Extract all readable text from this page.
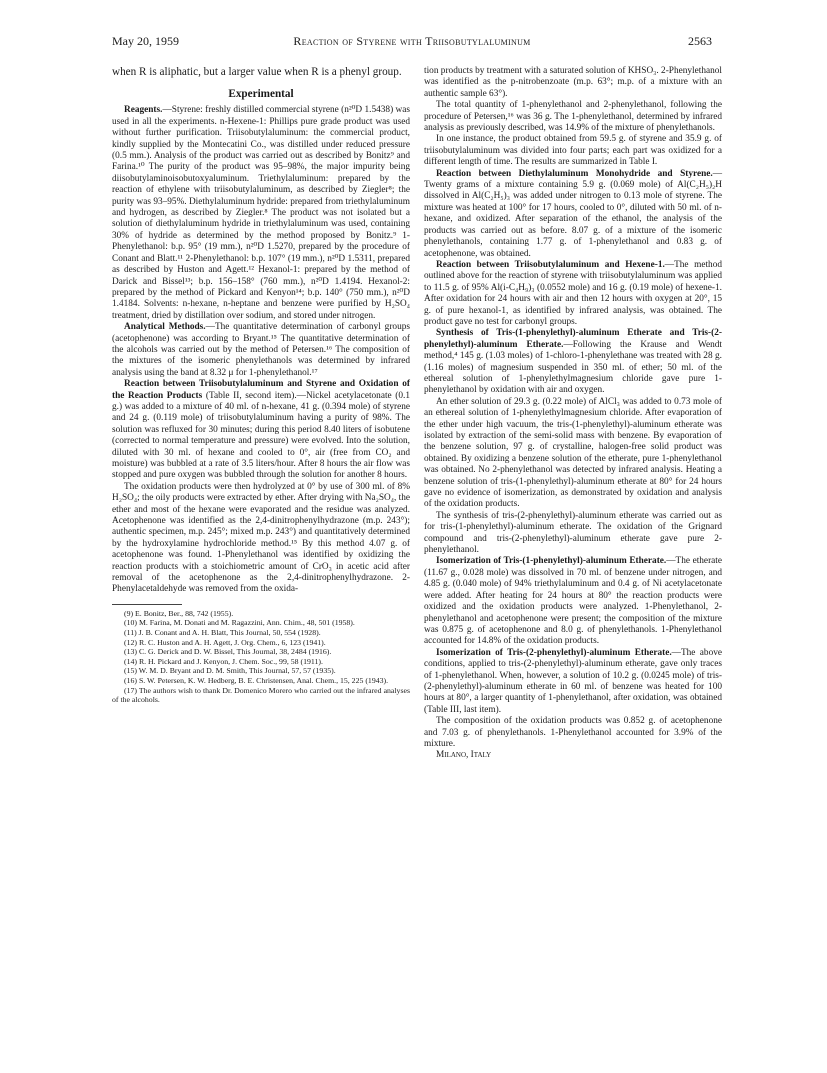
May 20, 1959	Reaction of Styrene with Triisobutylaluminum	2563

when R is aliphatic, but a larger value when R is a phenyl group.

Experimental

Reagents.—Styrene: freshly distilled commercial styrene (n²⁰D 1.5438) was used in all the experiments. n-Hexene-1: Phillips pure grade product was used without further purification. Triisobutylaluminum: the commercial product, kindly supplied by the Montecatini Co., was distilled under reduced pressure (0.5 mm.). Analysis of the product was carried out as described by Bonitz⁹ and Farina.¹⁰ The purity of the product was 95–98%, the major impurity being diisobutylaminoisobutoxyaluminum. Triethylaluminum: prepared by the reaction of ethylene with triisobutylaluminum, as described by Ziegler⁸; the purity was 93–95%. Diethylaluminum hydride: prepared from triethylaluminum and hydrogen, as described by Ziegler.⁸ The product was not isolated but a solution of diethylaluminum hydride in triethylaluminum was used, containing 30% of hydride as determined by the method proposed by Bonitz.⁹ 1-Phenylethanol: b.p. 95° (19 mm.), n²⁰D 1.5270, prepared by the procedure of Conant and Blatt.¹¹ 2-Phenylethanol: b.p. 107° (19 mm.), n²⁰D 1.5311, prepared as described by Huston and Agett.¹² Hexanol-1: prepared by the method of Darick and Bissel¹³; b.p. 156–158° (760 mm.), n²⁰D 1.4194. Hexanol-2: prepared by the method of Pickard and Kenyon¹⁴; b.p. 140° (750 mm.), n²⁰D 1.4184. Solvents: n-hexane, n-heptane and benzene were purified by H₂SO₄ treatment, dried by distillation over sodium, and stored under nitrogen.

Analytical Methods.—The quantitative determination of carbonyl groups (acetophenone) was according to Bryant.¹⁵ The quantitative determination of the alcohols was carried out by the method of Petersen.¹⁶ The composition of the mixtures of the isomeric phenylethanols was determined by infrared analysis using the band at 8.32 μ for 1-phenylethanol.¹⁷

Reaction between Triisobutylaluminum and Styrene and Oxidation of the Reaction Products (Table II, second item).—Nickel acetylacetonate (0.1 g.) was added to a mixture of 40 ml. of n-hexane, 41 g. (0.394 mole) of styrene and 24 g. (0.119 mole) of triisobutylaluminum having a purity of 98%. The solution was refluxed for 30 minutes; during this period 8.40 liters of isobutene (corrected to normal temperature and pressure) were evolved. Into the solution, diluted with 30 ml. of hexane and cooled to 0°, air (free from CO₂ and moisture) was bubbled at a rate of 3.5 liters/hour. After 8 hours the air flow was stopped and pure oxygen was bubbled through the solution for another 8 hours.

The oxidation products were then hydrolyzed at 0° by use of 300 ml. of 8% H₂SO₄; the oily products were extracted by ether. After drying with Na₂SO₄, the ether and most of the hexane were evaporated and the residue was analyzed. Acetophenone was identified as the 2,4-dinitrophenylhydrazone (m.p. 243°); authentic specimen, m.p. 245°; mixed m.p. 243°) and quantitatively determined by the hydroxylamine hydrochloride method.¹⁵ By this method 4.07 g. of acetophenone was found. 1-Phenylethanol was identified by oxidizing the reaction products with a stoichiometric amount of CrO₃ in acetic acid after removal of the acetophenone as the 2,4-dinitrophenylhydrazone. 2-Phenylacetaldehyde was removed from the oxida-

(9) E. Bonitz, Ber., 88, 742 (1955).

(10) M. Farina, M. Donati and M. Ragazzini, Ann. Chim., 48, 501 (1958).

(11) J. B. Conant and A. H. Blatt, This Journal, 50, 554 (1928).

(12) R. C. Huston and A. H. Agett, J. Org. Chem., 6, 123 (1941).

(13) C. G. Derick and D. W. Bissel, This Journal, 38, 2484 (1916).

(14) R. H. Pickard and J. Kenyon, J. Chem. Soc., 99, 58 (1911).

(15) W. M. D. Bryant and D. M. Smith, This Journal, 57, 57 (1935).

(16) S. W. Petersen, K. W. Hedberg, B. E. Christensen, Anal. Chem., 15, 225 (1943).

(17) The authors wish to thank Dr. Domenico Morero who carried out the infrared analyses of the alcohols.

tion products by treatment with a saturated solution of KHSO₃. 2-Phenylethanol was identified as the p-nitrobenzoate (m.p. 63°; m.p. of a mixture with an authentic sample 63°).

The total quantity of 1-phenylethanol and 2-phenylethanol, following the procedure of Petersen,¹⁶ was 36 g. The 1-phenylethanol, determined by infrared analysis as previously described, was 14.9% of the mixture of phenylethanols.

In one instance, the product obtained from 59.5 g. of styrene and 35.9 g. of triisobutylaluminum was divided into four parts; each part was oxidized for a different length of time. The results are summarized in Table I.

Reaction between Diethylaluminum Monohydride and Styrene.—Twenty grams of a mixture containing 5.9 g. (0.069 mole) of Al(C₂H₅)₂H dissolved in Al(C₂H₅)₃ was added under nitrogen to 0.13 mole of styrene. The mixture was heated at 100° for 17 hours, cooled to 0°, diluted with 50 ml. of n-hexane, and oxidized. After separation of the ethanol, the analysis of the products was carried out as before. 8.07 g. of a mixture of the isomeric phenylethanols, containing 1.77 g. of 1-phenylethanol and 0.83 g. of acetophenone, was obtained.

Reaction between Triisobutylaluminum and Hexene-1.—The method outlined above for the reaction of styrene with triisobutylaluminum was applied to 11.5 g. of 95% Al(i-C₄H₉)₃ (0.0552 mole) and 16 g. (0.19 mole) of hexene-1. After oxidation for 24 hours with air and then 12 hours with oxygen at 20°, 15 g. of pure hexanol-1, as identified by infrared analysis, was obtained. The product gave no test for carbonyl groups.

Synthesis of Tris-(1-phenylethyl)-aluminum Etherate and Tris-(2-phenylethyl)-aluminum Etherate.—Following the Krause and Wendt method,⁴ 145 g. (1.03 moles) of 1-chloro-1-phenylethane was treated with 28 g. (1.16 moles) of magnesium suspended in 350 ml. of ether; 50 ml. of the ethereal solution of 1-phenylethylmagnesium chloride gave pure 1-phenylethanol by oxidation with air and oxygen.

An ether solution of 29.3 g. (0.22 mole) of AlCl₃ was added to 0.73 mole of an ethereal solution of 1-phenylethylmagnesium chloride. After evaporation of the ether under high vacuum, the tris-(1-phenylethyl)-aluminum etherate was isolated by extraction of the semi-solid mass with benzene. By evaporation of the benzene solution, 97 g. of crystalline, halogen-free solid product was obtained. By oxidizing a benzene solution of the etherate, pure 1-phenylethanol was obtained. No 2-phenylethanol was detected by infrared analysis. Heating a benzene solution of tris-(1-phenylethyl)-aluminum etherate at 80° for 24 hours gave no evidence of isomerization, as demonstrated by oxidation and analysis of the oxidation products.

The synthesis of tris-(2-phenylethyl)-aluminum etherate was carried out as for tris-(1-phenylethyl)-aluminum etherate. The oxidation of the Grignard compound and tris-(2-phenylethyl)-aluminum etherate gave pure 2-phenylethanol.

Isomerization of Tris-(1-phenylethyl)-aluminum Etherate.—The etherate (11.67 g., 0.028 mole) was dissolved in 70 ml. of benzene under nitrogen, and 4.85 g. (0.040 mole) of 94% triethylaluminum and 0.4 g. of Ni acetylacetonate were added. After heating for 24 hours at 80° the reaction products were oxidized and the oxidation products were analyzed. 1-Phenylethanol, 2-phenylethanol and acetophenone were present; the composition of the mixture was 0.875 g. of acetophenone and 8.0 g. of phenylethanols. 1-Phenylethanol accounted for 14.8% of the oxidation products.

Isomerization of Tris-(2-phenylethyl)-aluminum Etherate.—The above conditions, applied to tris-(2-phenylethyl)-aluminum etherate, gave only traces of 1-phenylethanol. When, however, a solution of 10.2 g. (0.0245 mole) of tris-(2-phenylethyl)-aluminum etherate in 60 ml. of benzene was heated for 100 hours at 80°, a larger quantity of 1-phenylethanol, after oxidation, was obtained (Table III, last item).

The composition of the oxidation products was 0.852 g. of acetophenone and 7.03 g. of phenylethanols. 1-Phenylethanol accounted for 3.9% of the mixture.

Milano, Italy
